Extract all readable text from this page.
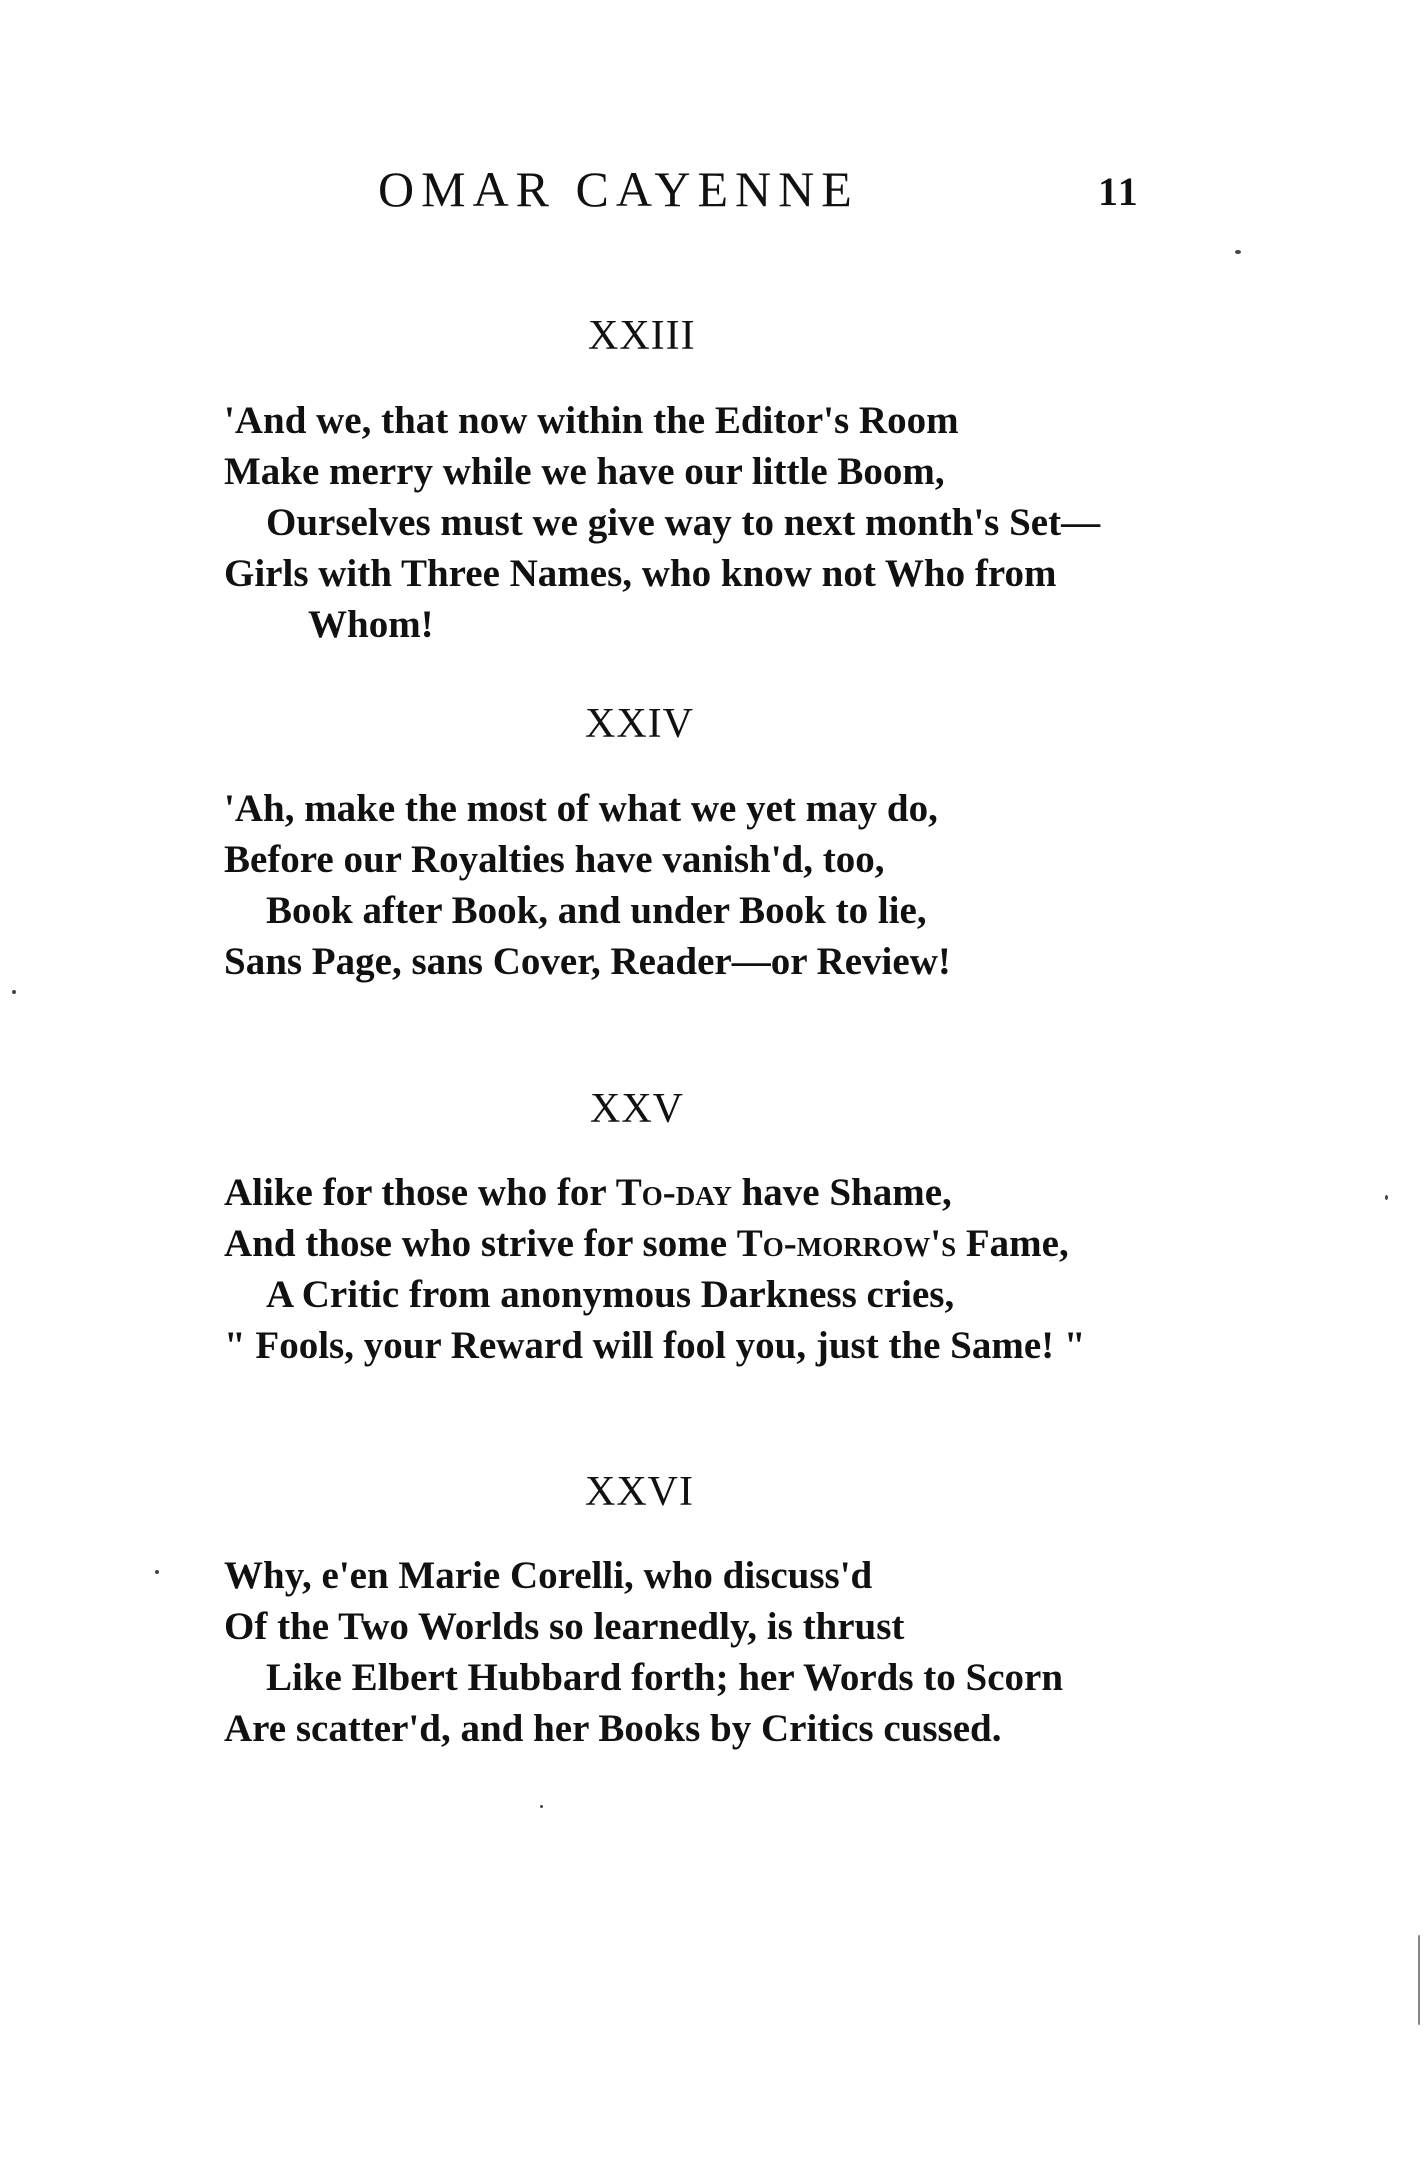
OMAR CAYENNE	11
XXIII
'And we, that now within the Editor's Room
Make merry while we have our little Boom,
Ourselves must we give way to next month's Set—
Girls with Three Names, who know not Who from
Whom!
XXIV
'Ah, make the most of what we yet may do,
Before our Royalties have vanish'd, too,
Book after Book, and under Book to lie,
Sans Page, sans Cover, Reader—or Review!
XXV
Alike for those who for To-day have Shame,
And those who strive for some To-morrow's Fame,
A Critic from anonymous Darkness cries,
" Fools, your Reward will fool you, just the Same! "
XXVI
Why, e'en Marie Corelli, who discuss'd
Of the Two Worlds so learnedly, is thrust
Like Elbert Hubbard forth; her Words to Scorn
Are scatter'd, and her Books by Critics cussed.
